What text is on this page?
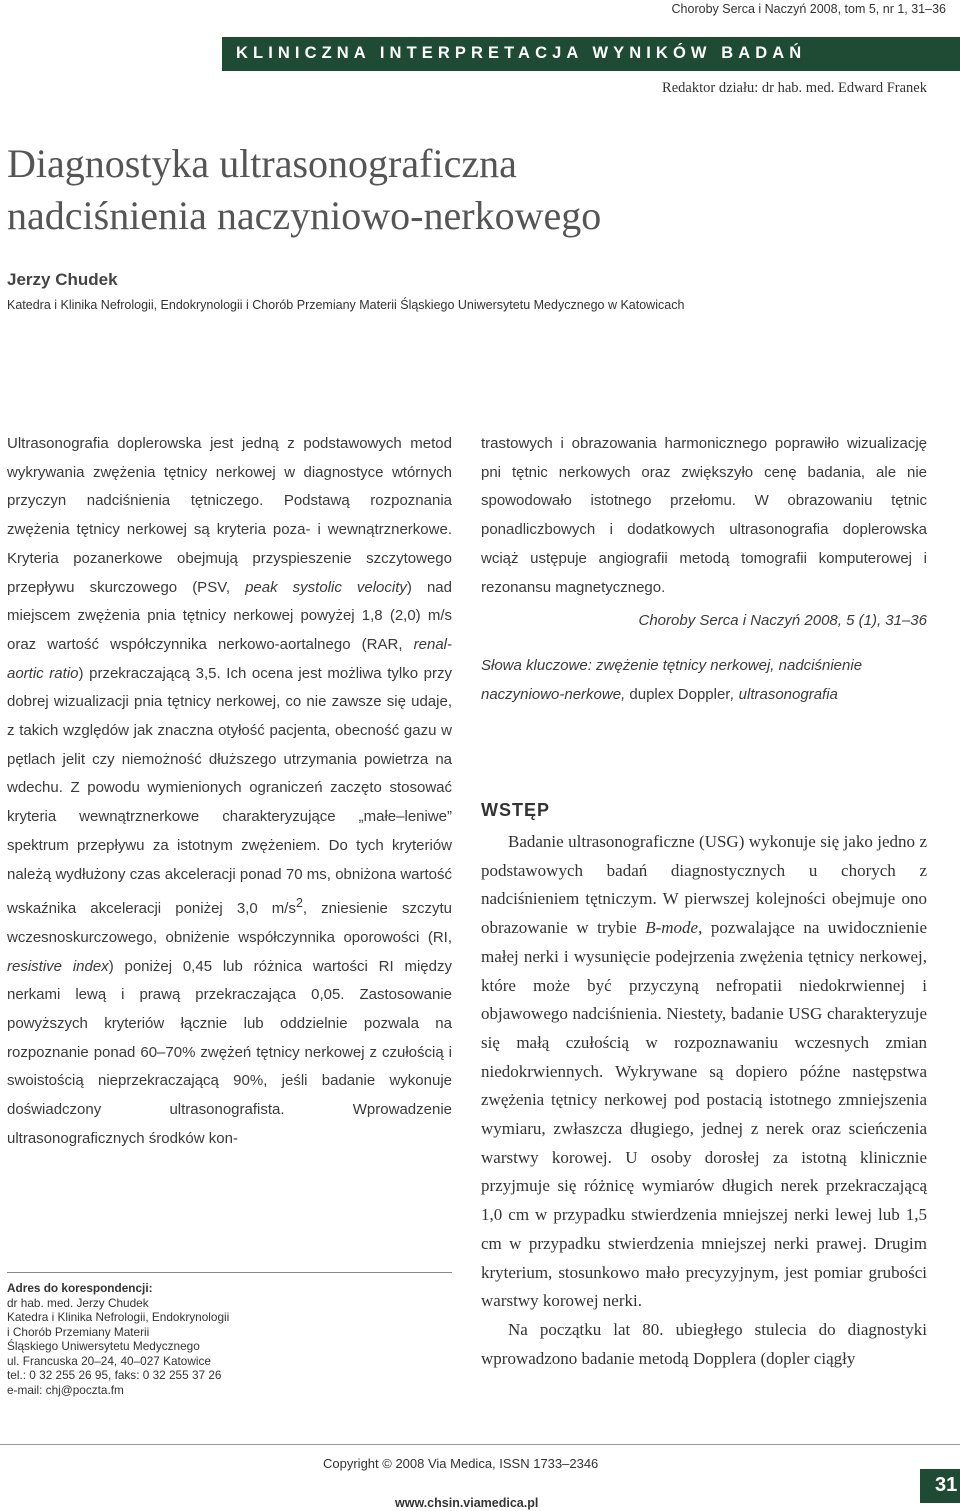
Choroby Serca i Naczyń 2008, tom 5, nr 1, 31–36
KLINICZNA INTERPRETACJA WYNIKÓW BADAŃ
Redaktor działu: dr hab. med. Edward Franek
Diagnostyka ultrasonograficzna
nadciśnienia naczyniowo-nerkowego
Jerzy Chudek
Katedra i Klinika Nefrologii, Endokrynologii i Chorób Przemiany Materii Śląskiego Uniwersytetu Medycznego w Katowicach
Ultrasonografia doplerowska jest jedną z podstawowych metod wykrywania zwężenia tętnicy nerkowej w diagnostyce wtórnych przyczyn nadciśnienia tętniczego. Podstawą rozpoznania zwężenia tętnicy nerkowej są kryteria poza- i wewnątrznerkowe. Kryteria pozanerkowe obejmują przyspieszenie szczytowego przepływu skurczowego (PSV, peak systolic velocity) nad miejscem zwężenia pnia tętnicy nerkowej powyżej 1,8 (2,0) m/s oraz wartość współczynnika nerkowo-aortalnego (RAR, renal-aortic ratio) przekraczającą 3,5. Ich ocena jest możliwa tylko przy dobrej wizualizacji pnia tętnicy nerkowej, co nie zawsze się udaje, z takich względów jak znaczna otyłość pacjenta, obecność gazu w pętlach jelit czy niemożność dłuższego utrzymania powietrza na wdechu. Z powodu wymienionych ograniczeń zaczęto stosować kryteria wewnątrznerkowe charakteryzujące „małe–leniwe” spektrum przepływu za istotnym zwężeniem. Do tych kryteriów należą wydłużony czas akceleracji ponad 70 ms, obniżona wartość wskaźnika akceleracji poniżej 3,0 $m/s^2$, zniesienie szczytu wczesnoskurczowego, obniżenie współczynnika oporowości (RI, resistive index) poniżej 0,45 lub różnica wartości RI między nerkami lewą i prawą przekraczająca 0,05. Zastosowanie powyższych kryteriów łącznie lub oddzielnie pozwala na rozpoznanie ponad 60–70% zwężeń tętnicy nerkowej z czułością i swoistością nieprzekraczającą 90%, jeśli badanie wykonuje doświadczony ultrasonografista. Wprowadzenie ultrasonograficznych środków kon-
trastowych i obrazowania harmonicznego poprawiło wizualizację pni tętnic nerkowych oraz zwiększyło cenę badania, ale nie spowodowało istotnego przełomu. W obrazowaniu tętnic ponadliczbowych i dodatkowych ultrasonografia doplerowska wciąż ustępuje angiografii metodą tomografii komputerowej i rezonansu magnetycznego.
Choroby Serca i Naczyń 2008, 5 (1), 31–36
Słowa kluczowe: zwężenie tętnicy nerkowej, nadciśnienie naczyniowo-nerkowe, duplex Doppler, ultrasonografia
WSTĘP

Badanie ultrasonograficzne (USG) wykonuje się jako jedno z podstawowych badań diagnostycznych u chorych z nadciśnieniem tętniczym. W pierwszej kolejności obejmuje ono obrazowanie w trybie B-mode, pozwalające na uwidocznienie małej nerki i wysunięcie podejrzenia zwężenia tętnicy nerkowej, które może być przyczyną nefropatii niedokrwiennej i objawowego nadciśnienia. Niestety, badanie USG charakteryzuje się małą czułością w rozpoznawaniu wczesnych zmian niedokrwiennych. Wykrywane są dopiero późne następstwa zwężenia tętnicy nerkowej pod postacią istotnego zmniejszenia wymiaru, zwłaszcza długiego, jednej z nerek oraz scieńczenia warstwy korowej. U osoby dorosłej za istotną klinicznie przyjmuje się różnicę wymiarów długich nerek przekraczającą 1,0 cm w przypadku stwierdzenia mniejszej nerki lewej lub 1,5 cm w przypadku stwierdzenia mniejszej nerki prawej. Drugim kryterium, stosunkowo mało precyzyjnym, jest pomiar grubości warstwy korowej nerki.

Na początku lat 80. ubiegłego stulecia do diagnostyki wprowadzono badanie metodą Dopplera (dopler ciągły

Adres do korespondencji:
dr hab. med. Jerzy Chudek
Katedra i Klinika Nefrologii, Endokrynologii
i Chorób Przemiany Materii
Śląskiego Uniwersytetu Medycznego
ul. Francuska 20–24, 40–027 Katowice
tel.: 0 32 255 26 95, faks: 0 32 255 37 26
e-mail: chj@poczta.fm
Copyright © 2008 Via Medica, ISSN 1733–2346
www.chsin.viamedica.pl
31
